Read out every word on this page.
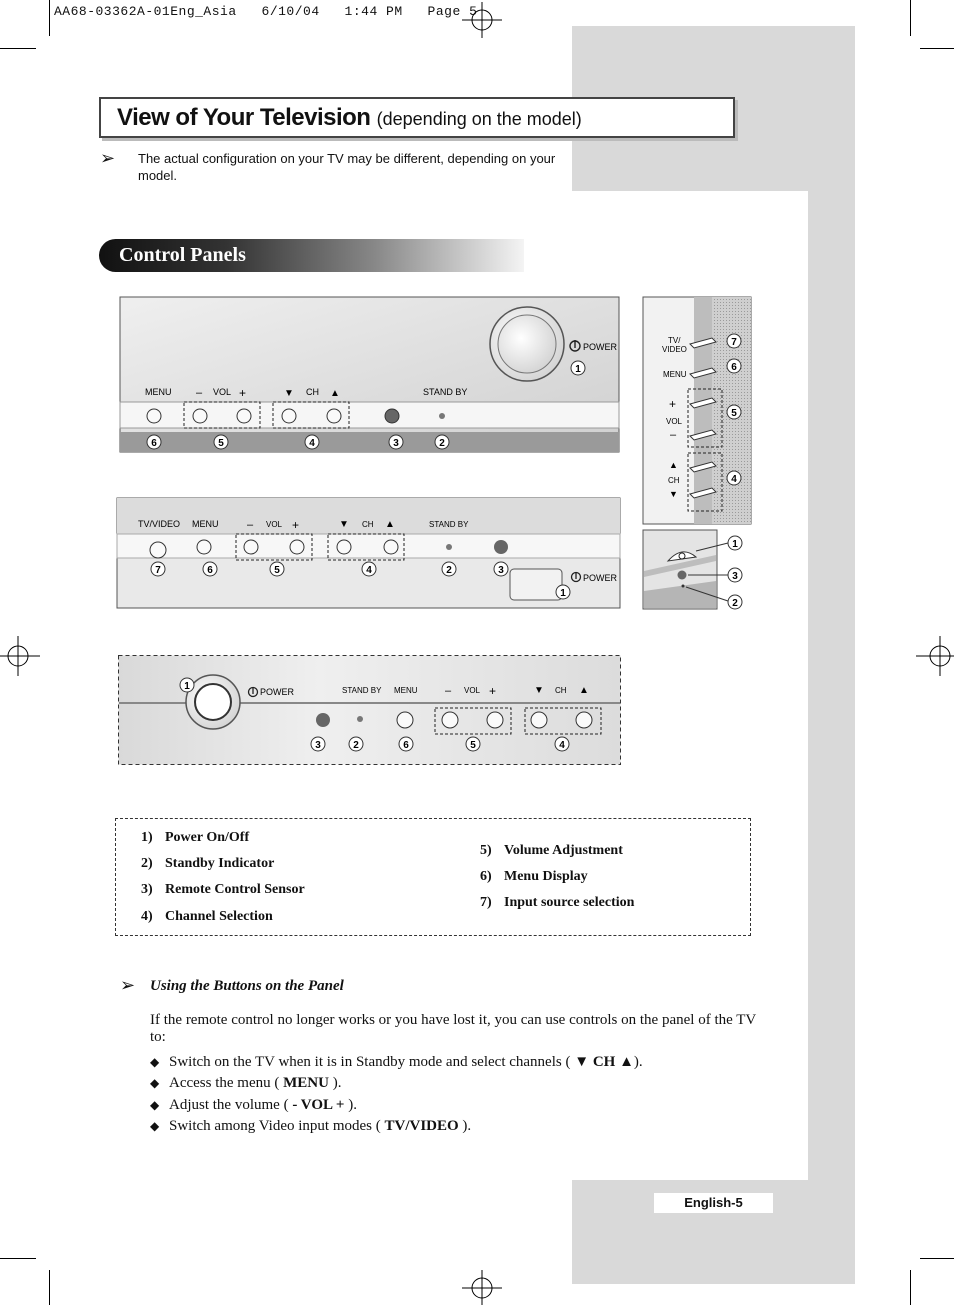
AA68-03362A-01Eng_Asia   6/10/04   1:44 PM   Page 5
View of Your Television (depending on the model)
➢ The actual configuration on your TV may be different, depending on your model.
Control Panels
POWER
MENU – VOL +	▼ CH ▲	STAND BY
1
6	5	4	3	2
TV/
VIDEO
MENU
+
VOL
–
▲
CH
▼
7
6
5
4
1
3
2
TV/VIDEO MENU	– VOL +	▼ CH ▲	STAND BY
POWER
7	6	5	4	2	3
1
POWER	STAND BY MENU – VOL +	▼ CH ▲
1
3	2	6	5	4
1) Power On/Off
2) Standby Indicator
3) Remote Control Sensor
4) Channel Selection
5) Volume Adjustment
6) Menu Display
7) Input source selection
➢ Using the Buttons on the Panel
If the remote control no longer works or you have lost it, you can use controls on the panel of the TV to:
◆ Switch on the TV when it is in Standby mode and select channels ( ▼ CH ▲).
◆ Access the menu ( MENU ).
◆ Adjust the volume ( - VOL + ).
◆ Switch among Video input modes ( TV/VIDEO ).
English-5
